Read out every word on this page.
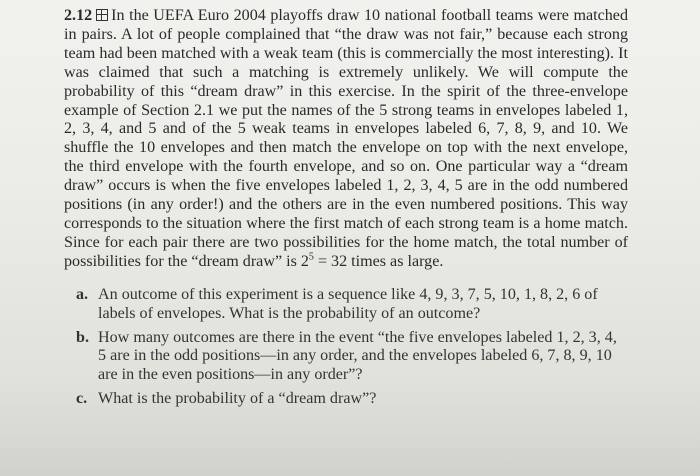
2.12 In the UEFA Euro 2004 playoffs draw 10 national football teams were matched in pairs. A lot of people complained that “the draw was not fair,” because each strong team had been matched with a weak team (this is commercially the most interesting). It was claimed that such a matching is extremely unlikely. We will compute the probability of this “dream draw” in this exercise. In the spirit of the three-envelope example of Section 2.1 we put the names of the 5 strong teams in envelopes labeled 1, 2, 3, 4, and 5 and of the 5 weak teams in envelopes labeled 6, 7, 8, 9, and 10. We shuffle the 10 envelopes and then match the envelope on top with the next envelope, the third envelope with the fourth envelope, and so on. One particular way a “dream draw” occurs is when the five envelopes labeled 1, 2, 3, 4, 5 are in the odd numbered positions (in any order!) and the others are in the even numbered positions. This way corresponds to the situation where the first match of each strong team is a home match. Since for each pair there are two possibilities for the home match, the total number of possibilities for the “dream draw” is $2^5 = 32$ times as large.

a. An outcome of this experiment is a sequence like 4, 9, 3, 7, 5, 10, 1, 8, 2, 6 of labels of envelopes. What is the probability of an outcome?
b. How many outcomes are there in the event “the five envelopes labeled 1, 2, 3, 4, 5 are in the odd positions—in any order, and the envelopes labeled 6, 7, 8, 9, 10 are in the even positions—in any order”?
c. What is the probability of a “dream draw”?
